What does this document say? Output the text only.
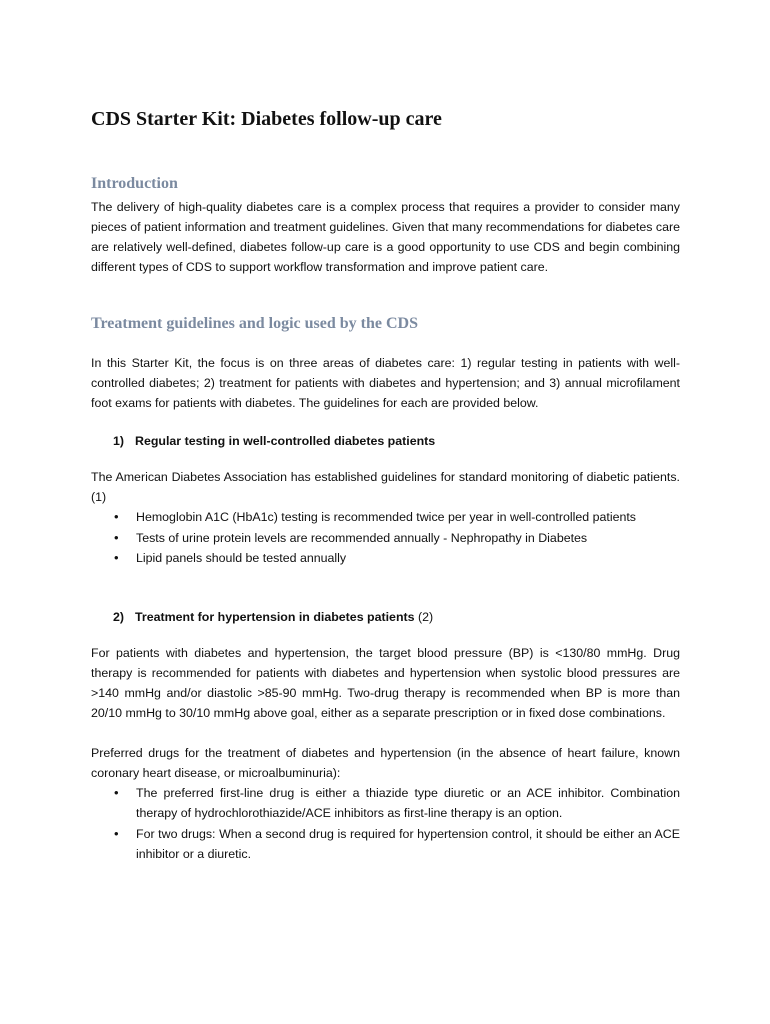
CDS Starter Kit: Diabetes follow-up care
Introduction

The delivery of high-quality diabetes care is a complex process that requires a provider to consider many pieces of patient information and treatment guidelines. Given that many recommendations for diabetes care are relatively well-defined, diabetes follow-up care is a good opportunity to use CDS and begin combining different types of CDS to support workflow transformation and improve patient care.

Treatment guidelines and logic used by the CDS

In this Starter Kit, the focus is on three areas of diabetes care: 1) regular testing in patients with well-controlled diabetes; 2) treatment for patients with diabetes and hypertension; and 3) annual microfilament foot exams for patients with diabetes. The guidelines for each are provided below.

1) Regular testing in well-controlled diabetes patients

The American Diabetes Association has established guidelines for standard monitoring of diabetic patients.(1)

• Hemoglobin A1C (HbA1c) testing is recommended twice per year in well-controlled patients
• Tests of urine protein levels are recommended annually - Nephropathy in Diabetes
• Lipid panels should be tested annually
2) Treatment for hypertension in diabetes patients (2)

For patients with diabetes and hypertension, the target blood pressure (BP) is <130/80 mmHg. Drug therapy is recommended for patients with diabetes and hypertension when systolic blood pressures are >140 mmHg and/or diastolic >85-90 mmHg. Two-drug therapy is recommended when BP is more than 20/10 mmHg to 30/10 mmHg above goal, either as a separate prescription or in fixed dose combinations.

Preferred drugs for the treatment of diabetes and hypertension (in the absence of heart failure, known coronary heart disease, or microalbuminuria):

• The preferred first-line drug is either a thiazide type diuretic or an ACE inhibitor. Combination therapy of hydrochlorothiazide/ACE inhibitors as first-line therapy is an option.
• For two drugs: When a second drug is required for hypertension control, it should be either an ACE inhibitor or a diuretic.
